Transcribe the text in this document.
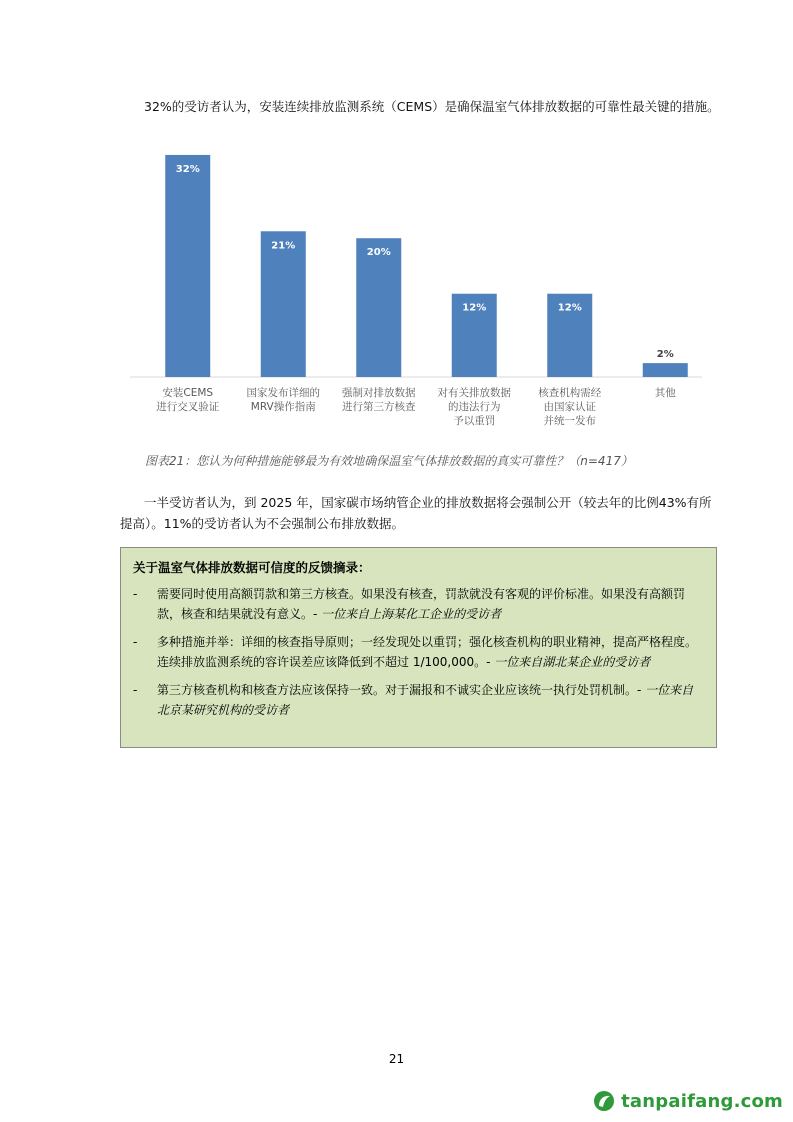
32%的受访者认为，安装连续排放监测系统（CEMS）是确保温室气体排放数据的可靠性最关键的措施。

32%
安装CEMS
进行交叉验证
21%
国家发布详细的
MRV操作指南
20%
强制对排放数据
进行第三方核查
12%
对有关排放数据
的违法行为
予以重罚
12%
核查机构需经
由国家认证
并统一发布
2%
其他

图表21：您认为何种措施能够最为有效地确保温室气体排放数据的真实可靠性？（n=417）

一半受访者认为，到 2025 年，国家碳市场纳管企业的排放数据将会强制公开（较去年的比例43%有所提高）。11%的受访者认为不会强制公布排放数据。

关于温室气体排放数据可信度的反馈摘录：
- 需要同时使用高额罚款和第三方核查。如果没有核查，罚款就没有客观的评价标准。如果没有高额罚款，核查和结果就没有意义。- 一位来自上海某化工企业的受访者
- 多种措施并举：详细的核查指导原则；一经发现处以重罚；强化核查机构的职业精神，提高严格程度。连续排放监测系统的容许误差应该降低到不超过 1/100,000。- 一位来自湖北某企业的受访者
- 第三方核查机构和核查方法应该保持一致。对于漏报和不诚实企业应该统一执行处罚机制。- 一位来自北京某研究机构的受访者
21
tanpaifang.com
